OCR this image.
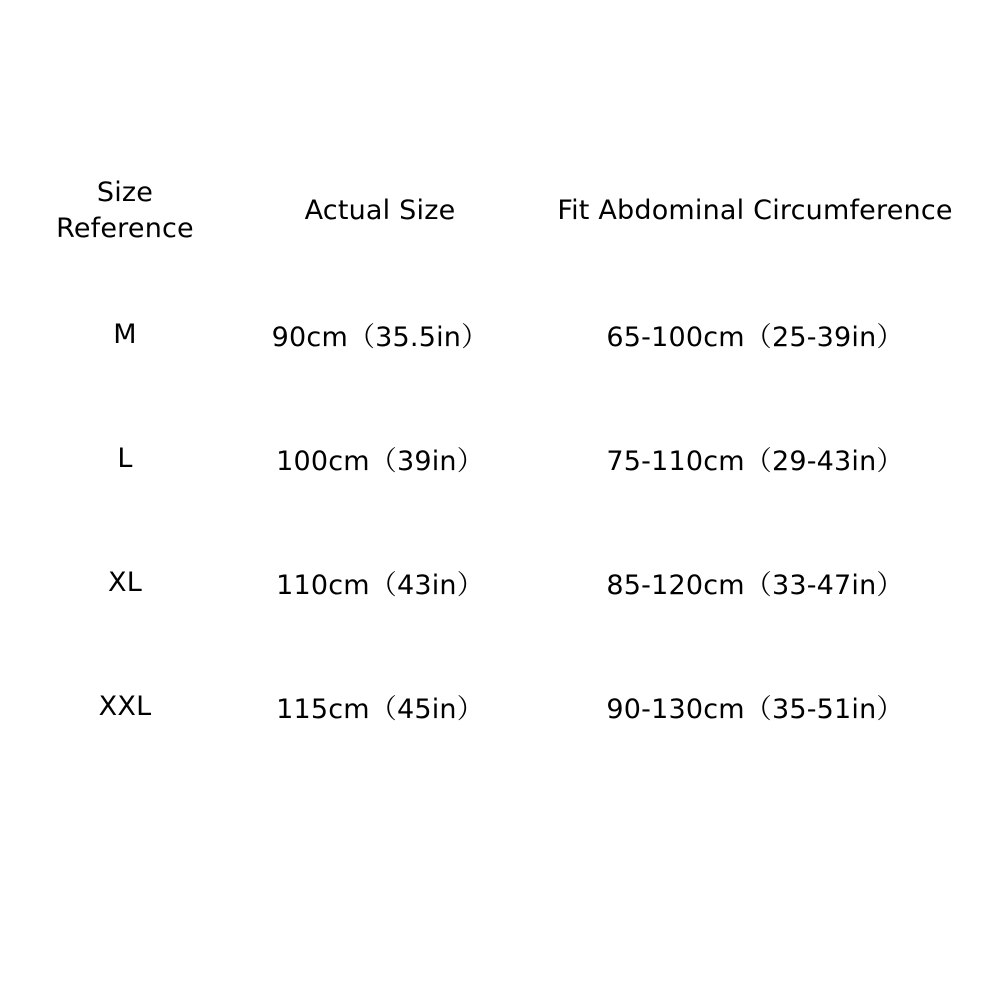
Size
Reference	Actual Size	Fit Abdominal Circumference
M	90cm（35.5in）	65-100cm（25-39in）
L	100cm（39in）	75-110cm（29-43in）
XL	110cm（43in）	85-120cm（33-47in）
XXL	115cm（45in）	90-130cm（35-51in）
